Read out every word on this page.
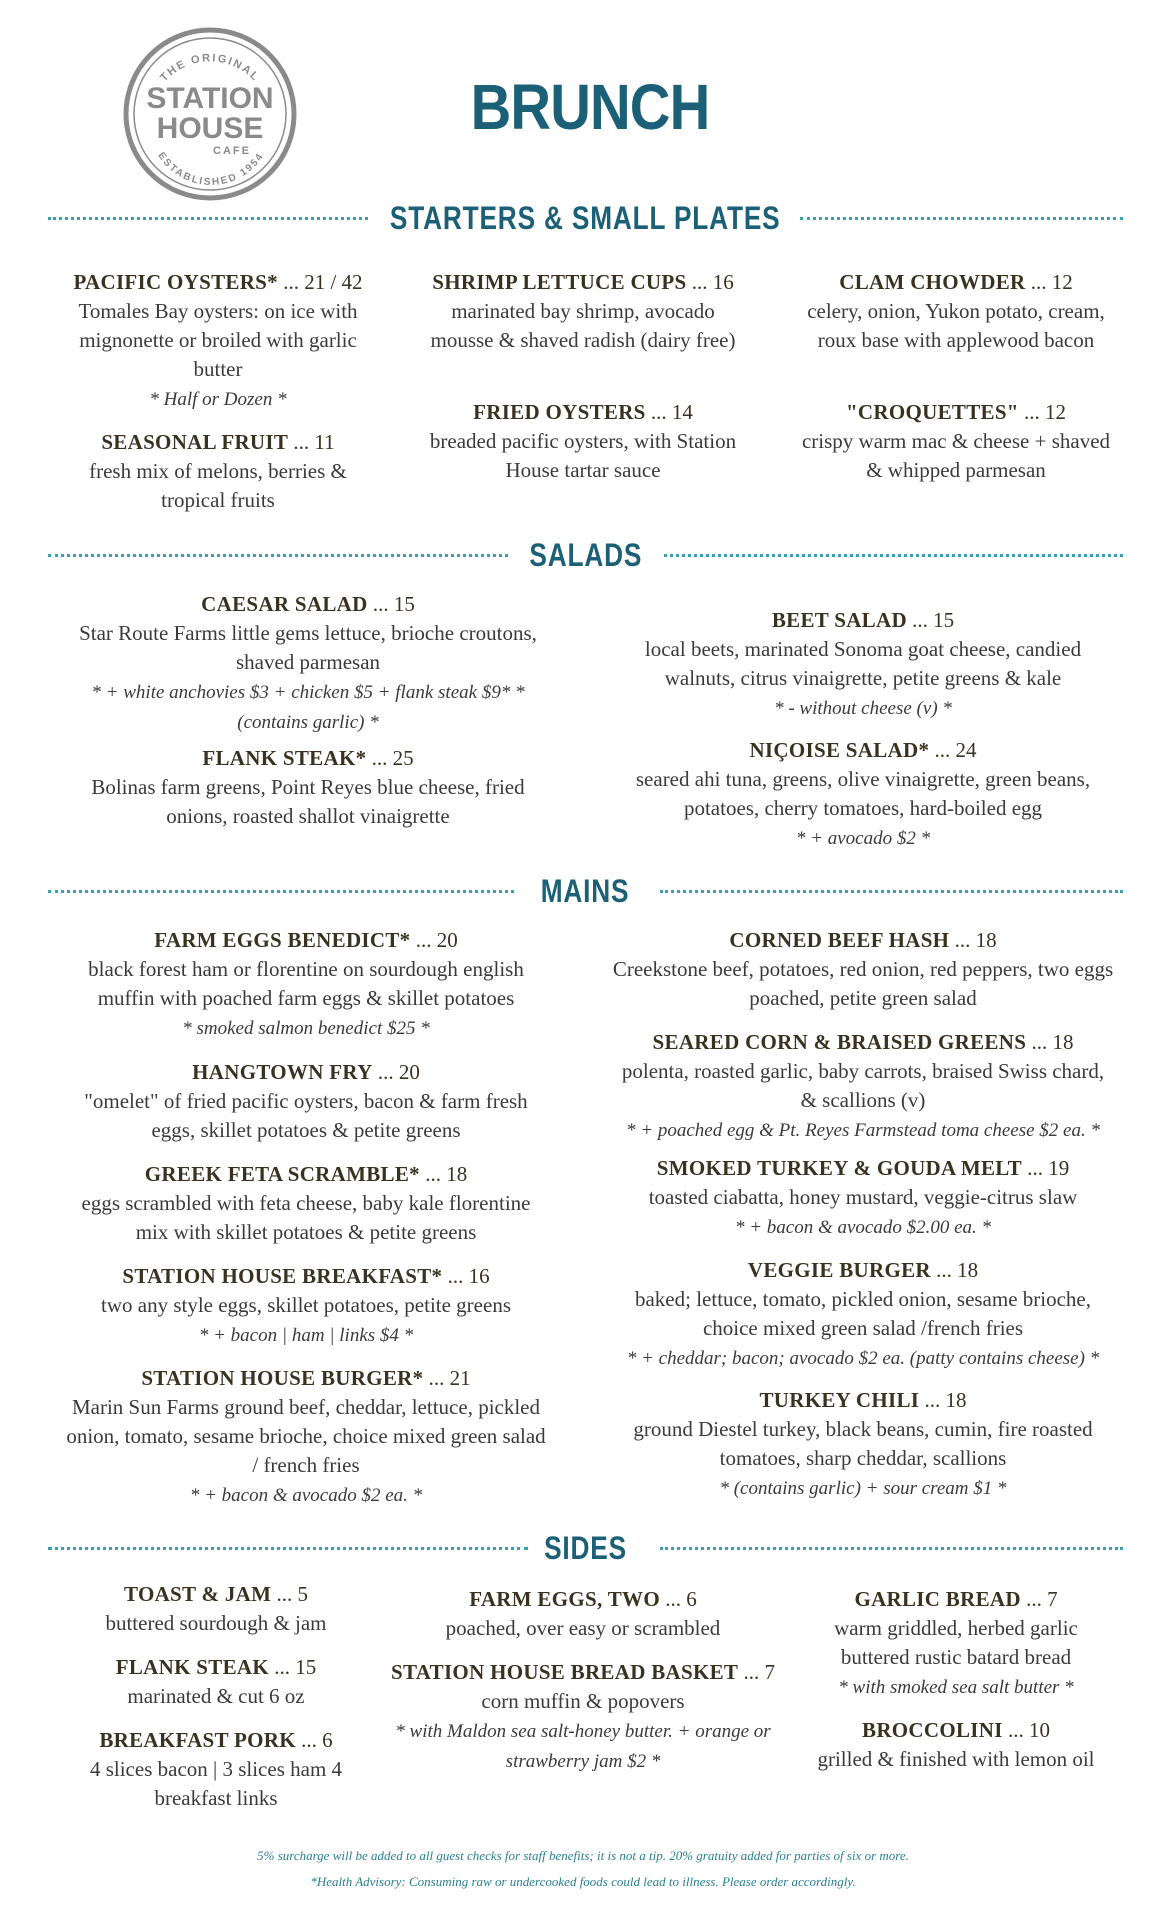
THE ORIGINAL
ESTABLISHED 1954
STATION
HOUSE
CAFE
BRUNCH
STARTERS & SMALL PLATES
PACIFIC OYSTERS* ... 21 / 42
Tomales Bay oysters: on ice with mignonette or broiled with garlic butter
* Half or Dozen *
SEASONAL FRUIT ... 11
fresh mix of melons, berries & tropical fruits
SHRIMP LETTUCE CUPS ... 16
marinated bay shrimp, avocado mousse & shaved radish (dairy free)
FRIED OYSTERS ... 14
breaded pacific oysters, with Station House tartar sauce
CLAM CHOWDER ... 12
celery, onion, Yukon potato, cream, roux base with applewood bacon
"CROQUETTES" ... 12
crispy warm mac & cheese + shaved & whipped parmesan
SALADS
CAESAR SALAD ... 15
Star Route Farms little gems lettuce, brioche croutons, shaved parmesan
* + white anchovies $3 + chicken $5 + flank steak $9* *(contains garlic) *
FLANK STEAK* ... 25
Bolinas farm greens, Point Reyes blue cheese, fried onions, roasted shallot vinaigrette
BEET SALAD ... 15
local beets, marinated Sonoma goat cheese, candied walnuts, citrus vinaigrette, petite greens & kale
* - without cheese (v) *
NIÇOISE SALAD* ... 24
seared ahi tuna, greens, olive vinaigrette, green beans, potatoes, cherry tomatoes, hard-boiled egg
* + avocado $2 *
MAINS
FARM EGGS BENEDICT* ... 20
black forest ham or florentine on sourdough english muffin with poached farm eggs & skillet potatoes
* smoked salmon benedict $25 *
HANGTOWN FRY ... 20
"omelet" of fried pacific oysters, bacon & farm fresh eggs, skillet potatoes & petite greens
GREEK FETA SCRAMBLE* ... 18
eggs scrambled with feta cheese, baby kale florentine mix with skillet potatoes & petite greens
STATION HOUSE BREAKFAST* ... 16
two any style eggs, skillet potatoes, petite greens
* + bacon | ham | links $4 *
STATION HOUSE BURGER* ... 21
Marin Sun Farms ground beef, cheddar, lettuce, pickled onion, tomato, sesame brioche, choice mixed green salad / french fries
* + bacon & avocado $2 ea. *
CORNED BEEF HASH ... 18
Creekstone beef, potatoes, red onion, red peppers, two eggs poached, petite green salad
SEARED CORN & BRAISED GREENS ... 18
polenta, roasted garlic, baby carrots, braised Swiss chard, & scallions (v)
* + poached egg & Pt. Reyes Farmstead toma cheese $2 ea. *
SMOKED TURKEY & GOUDA MELT ... 19
toasted ciabatta, honey mustard, veggie-citrus slaw
* + bacon & avocado $2.00 ea. *
VEGGIE BURGER ... 18
baked; lettuce, tomato, pickled onion, sesame brioche, choice mixed green salad /french fries
* + cheddar; bacon; avocado $2 ea. (patty contains cheese) *
TURKEY CHILI ... 18
ground Diestel turkey, black beans, cumin, fire roasted tomatoes, sharp cheddar, scallions
* (contains garlic) + sour cream $1 *
SIDES
TOAST & JAM ... 5
buttered sourdough & jam
FLANK STEAK ... 15
marinated & cut 6 oz
BREAKFAST PORK ... 6
4 slices bacon | 3 slices ham 4 breakfast links
FARM EGGS, TWO ... 6
poached, over easy or scrambled
STATION HOUSE BREAD BASKET ... 7
corn muffin & popovers
* with Maldon sea salt-honey butter. + orange or strawberry jam $2 *
GARLIC BREAD ... 7
warm griddled, herbed garlic buttered rustic batard bread
* with smoked sea salt butter *
BROCCOLINI ... 10
grilled & finished with lemon oil
5% surcharge will be added to all guest checks for staff benefits; it is not a tip. 20% gratuity added for parties of six or more.
*Health Advisory: Consuming raw or undercooked foods could lead to illness. Please order accordingly.
